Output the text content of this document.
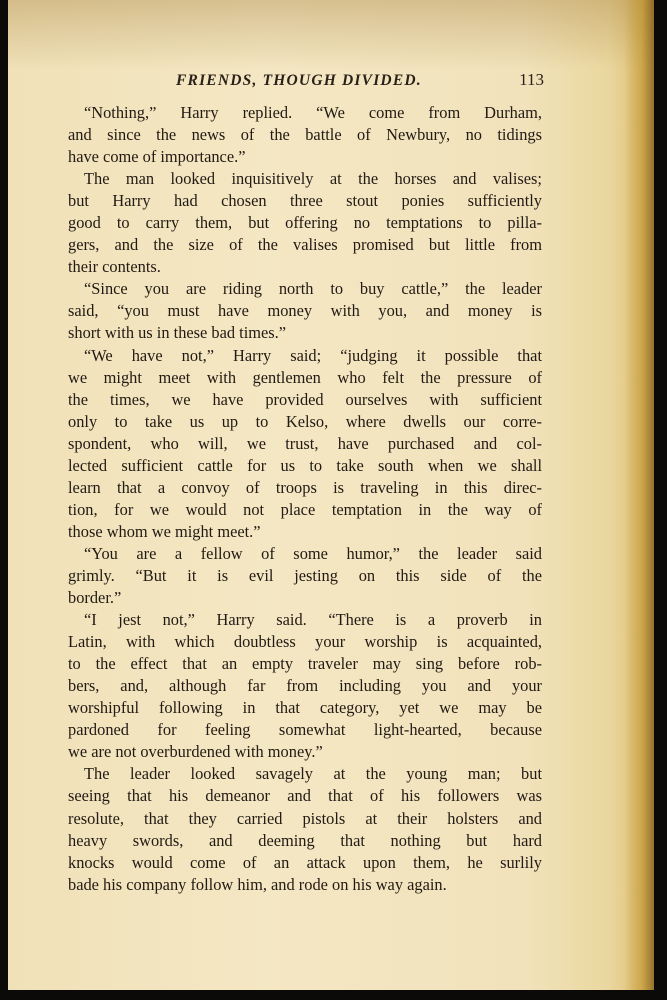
FRIENDS, THOUGH DIVIDED.	113
“Nothing,” Harry replied. “We come from Durham,
and since the news of the battle of Newbury, no tidings
have come of importance.”
The man looked inquisitively at the horses and valises;
but Harry had chosen three stout ponies sufficiently
good to carry them, but offering no temptations to pilla-
gers, and the size of the valises promised but little from
their contents.
“Since you are riding north to buy cattle,” the leader
said, “you must have money with you, and money is
short with us in these bad times.”
“We have not,” Harry said; “judging it possible that
we might meet with gentlemen who felt the pressure of
the times, we have provided ourselves with sufficient
only to take us up to Kelso, where dwells our corre-
spondent, who will, we trust, have purchased and col-
lected sufficient cattle for us to take south when we shall
learn that a convoy of troops is traveling in this direc-
tion, for we would not place temptation in the way of
those whom we might meet.”
“You are a fellow of some humor,” the leader said
grimly. “But it is evil jesting on this side of the
border.”
“I jest not,” Harry said. “There is a proverb in
Latin, with which doubtless your worship is acquainted,
to the effect that an empty traveler may sing before rob-
bers, and, although far from including you and your
worshipful following in that category, yet we may be
pardoned for feeling somewhat light-hearted, because
we are not overburdened with money.”
The leader looked savagely at the young man; but
seeing that his demeanor and that of his followers was
resolute, that they carried pistols at their holsters and
heavy swords, and deeming that nothing but hard
knocks would come of an attack upon them, he surlily
bade his company follow him, and rode on his way again.
